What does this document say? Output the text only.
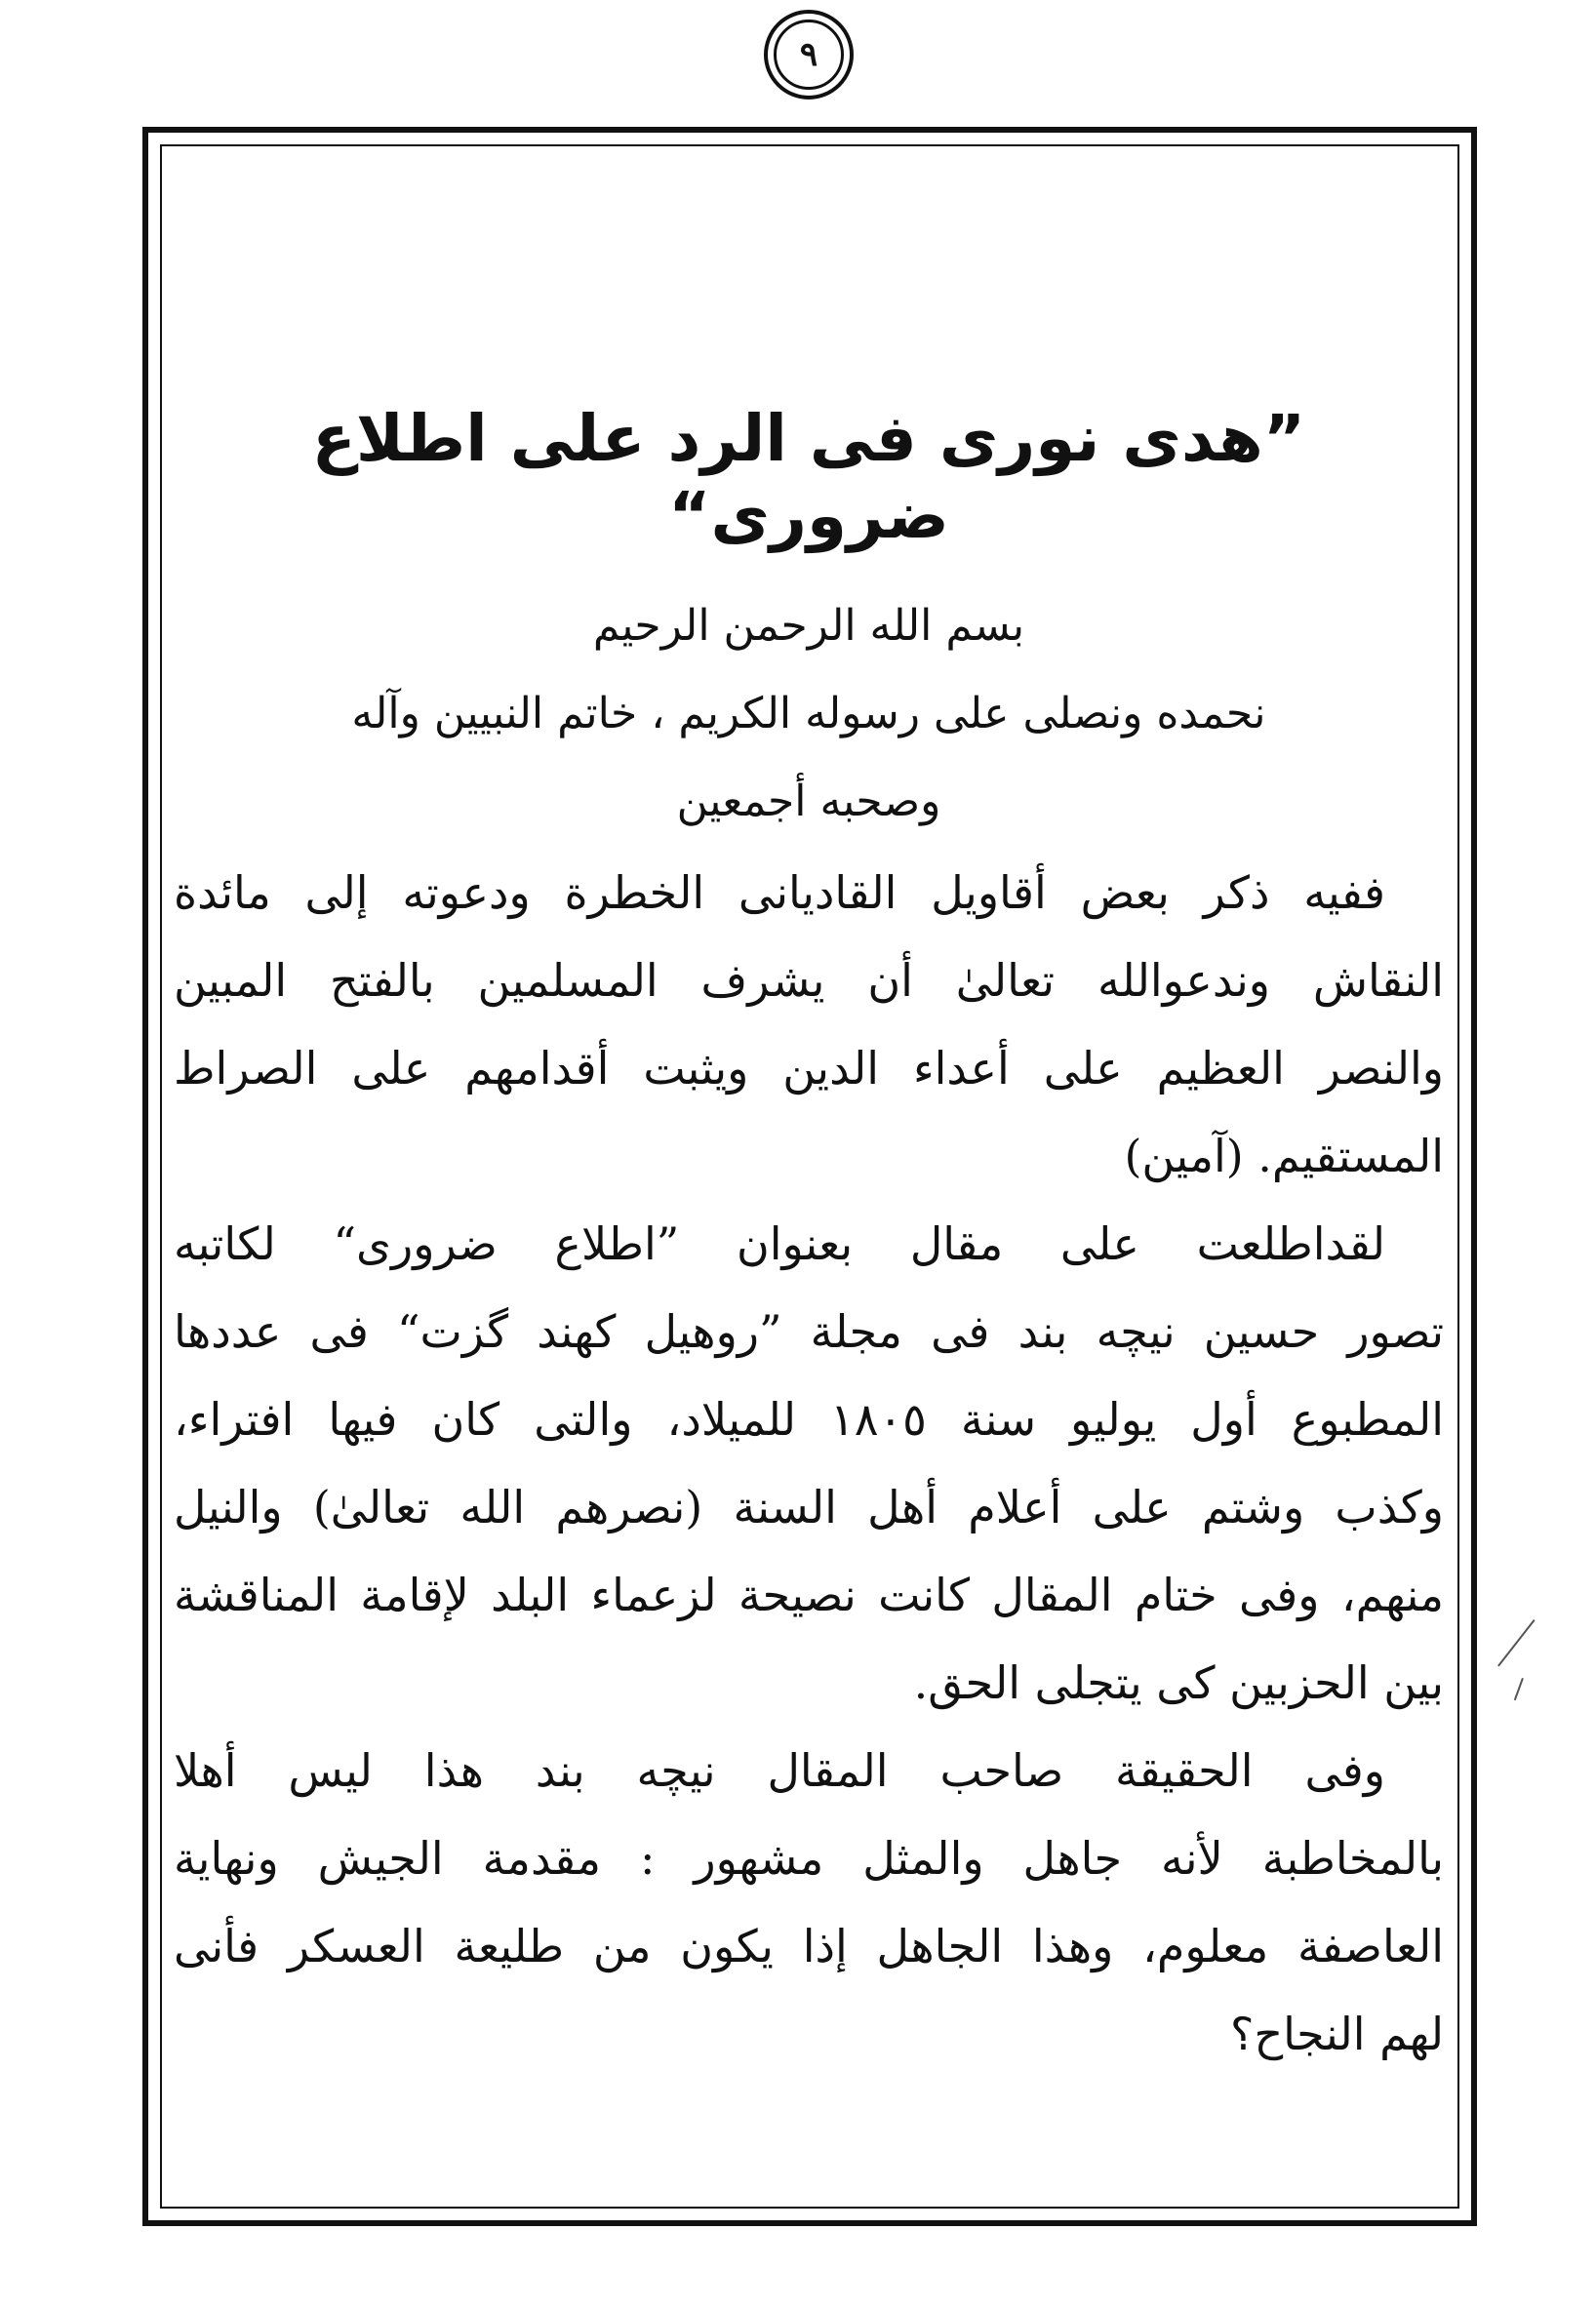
٩
”هدى نورى فى الرد على اطلاع ضرورى“
بسم الله الرحمن الرحيم
نحمده ونصلى على رسوله الكريم ، خاتم النبيين وآله
وصحبه أجمعين
ففيه ذكر بعض أقاويل القاديانى الخطرة ودعوته إلى مائدة
النقاش وندعوالله تعالىٰ أن يشرف المسلمين بالفتح المبين
والنصر العظيم على أعداء الدين ويثبت أقدامهم على الصراط
المستقيم. (آمين)
لقداطلعت على مقال بعنوان ”اطلاع ضرورى“ لكاتبه
تصور حسين نيچه بند فى مجلة ”روهيل كهند گزت“ فى عددها
المطبوع أول يوليو سنة ١٨٠٥ للميلاد، والتى كان فيها افتراء،
وكذب وشتم على أعلام أهل السنة (نصرهم الله تعالىٰ) والنيل
منهم، وفى ختام المقال كانت نصيحة لزعماء البلد لإقامة المناقشة
بين الحزبين كى يتجلى الحق.
وفى الحقيقة صاحب المقال نيچه بند هذا ليس أهلا
بالمخاطبة لأنه جاهل والمثل مشهور : مقدمة الجيش ونهاية
العاصفة معلوم، وهذا الجاهل إذا يكون من طليعة العسكر فأنى
لهم النجاح؟
